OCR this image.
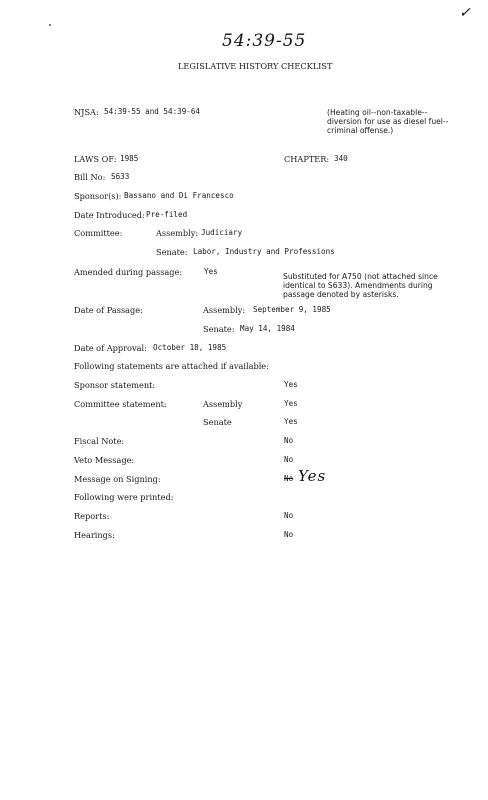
✓
54:39-55
LEGISLATIVE HISTORY CHECKLIST
NJSA: 54:39-55 and 54:39-64	(Heating oil--non-taxable--diversion for use as diesel fuel--criminal offense.)
LAWS OF: 1985	CHAPTER: 340
Bill No: S633
Sponsor(s): Bassano and Di Francesco
Date Introduced: Pre-filed
Committee:	Assembly: Judiciary
Senate: Labor, Industry and Professions
Amended during passage:	Yes
Substituted for A750 (not attached since identical to S633). Amendments during passage denoted by asterisks.
Date of Passage:	Assembly: September 9, 1985
Senate: May 14, 1984
Date of Approval: October 18, 1985
Following statements are attached if available:
Sponsor statement:	Yes
Committee statement:	Assembly	Yes
Senate	Yes
Fiscal Note:	No
Veto Message:	No
Message on Signing:	No Yes
Following were printed:
Reports:	No
Hearings:	No
